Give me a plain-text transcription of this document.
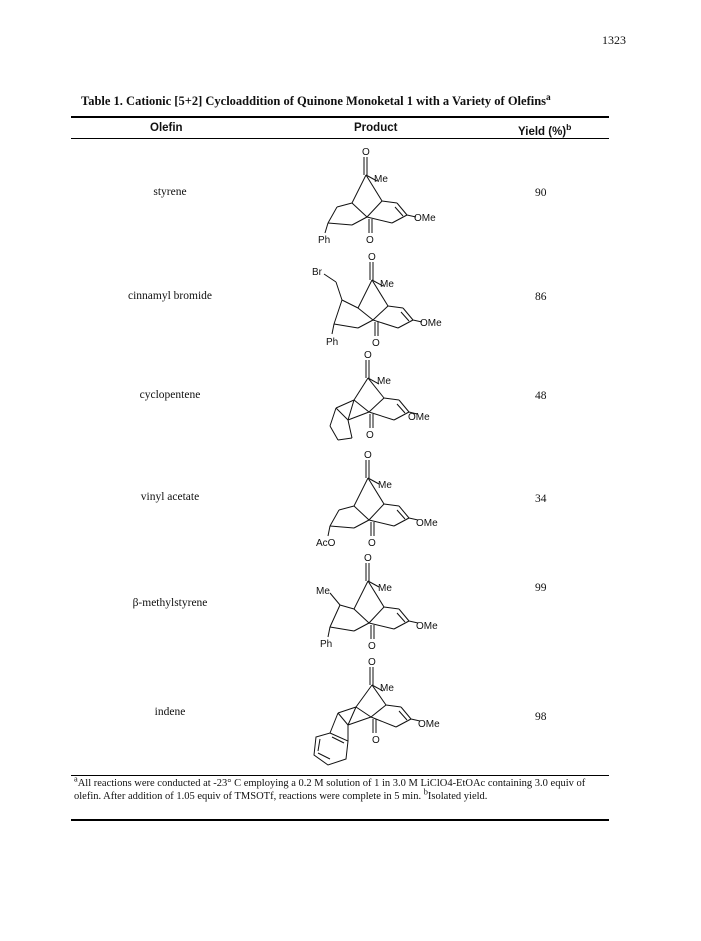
1323
Table 1. Cationic [5+2] Cycloaddition of Quinone Monoketal 1 with a Variety of Olefins$^a$
Olefin	Product	Yield (%)$^b$
styrene	90
O
Me
OMe
Ph	O
cinnamyl bromide	86
O
Br
Me
OMe
Ph	O
cyclopentene	48
O
Me
OMe
O
vinyl acetate	34
O
Me
OMe
AcO	O
β-methylstyrene
99
O
Me	Me
OMe
Ph	O
indene	98
O
Me
OMe
O
$^a$All reactions were conducted at -23° C employing a 0.2 M solution of 1 in 3.0 M LiClO4-EtOAc containing 3.0 equiv of olefin. After addition of 1.05 equiv of TMSOTf, reactions were complete in 5 min. $^b$Isolated yield.
